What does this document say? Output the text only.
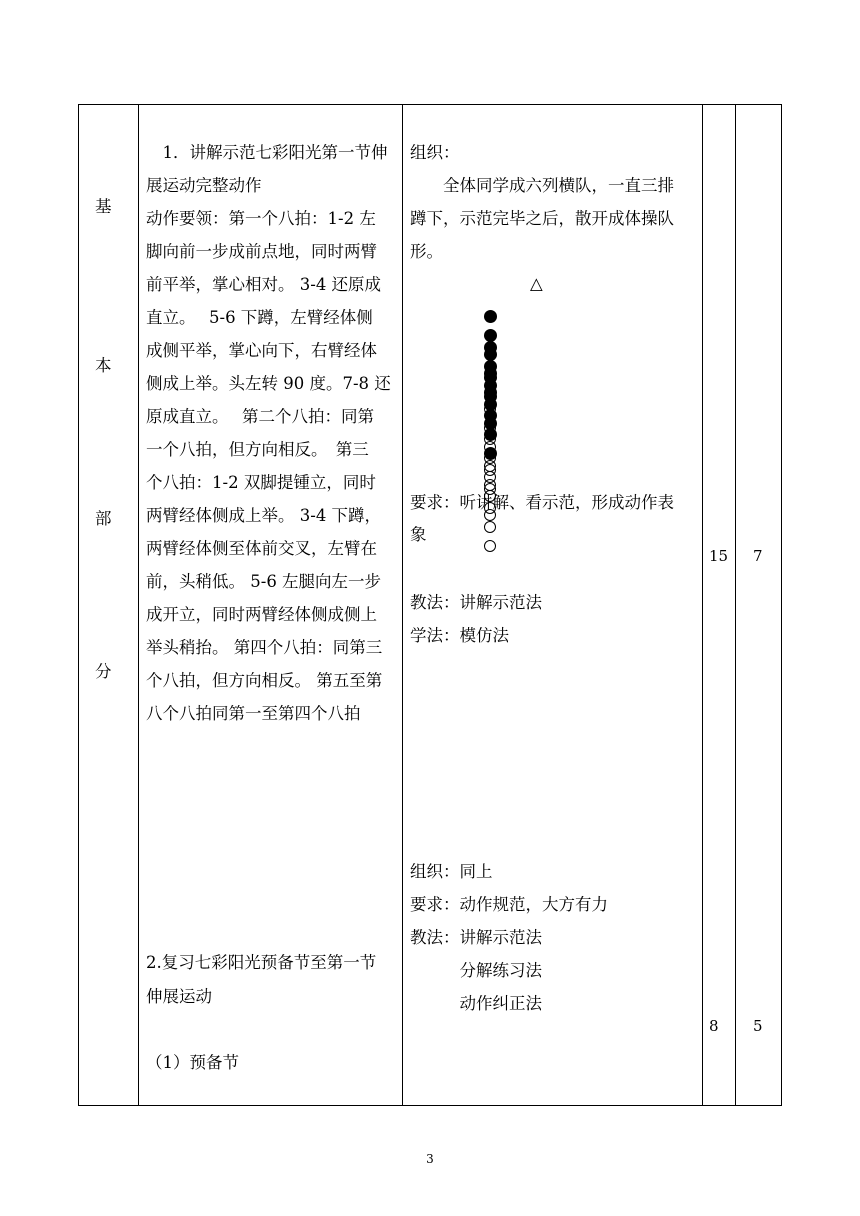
基
本
部
分
　1．讲解示范七彩阳光第一节伸
展运动完整动作
动作要领：第一个八拍：1-2 左
脚向前一步成前点地，同时两臂
前平举，掌心相对。 3-4 还原成
直立。　 5-6 下蹲，左臂经体侧
成侧平举，掌心向下，右臂经体
侧成上举。头左转 90 度。7-8 还
原成直立。　 第二个八拍：同第
一个八拍，但方向相反。　第三
个八拍：1-2 双脚提锺立，同时
两臂经体侧成上举。 3-4 下蹲，
两臂经体侧至体前交叉，左臂在
前，头稍低。 5-6 左腿向左一步
成开立，同时两臂经体侧成侧上
举头稍抬。 第四个八拍：同第三
个八拍，但方向相反。 第五至第
八个八拍同第一至第四个八拍
2.复习七彩阳光预备节至第一节
伸展运动
（1）预备节
组织：
　　全体同学成六列横队，一直三排
蹲下，示范完毕之后，散开成体操队
形。
△
要求：听讲解、看示范，形成动作表
象
教法：讲解示范法
学法：模仿法
组织：同上
要求：动作规范，大方有力
教法：讲解示范法
　　　分解练习法
　　　动作纠正法
15 7
8 5
3
